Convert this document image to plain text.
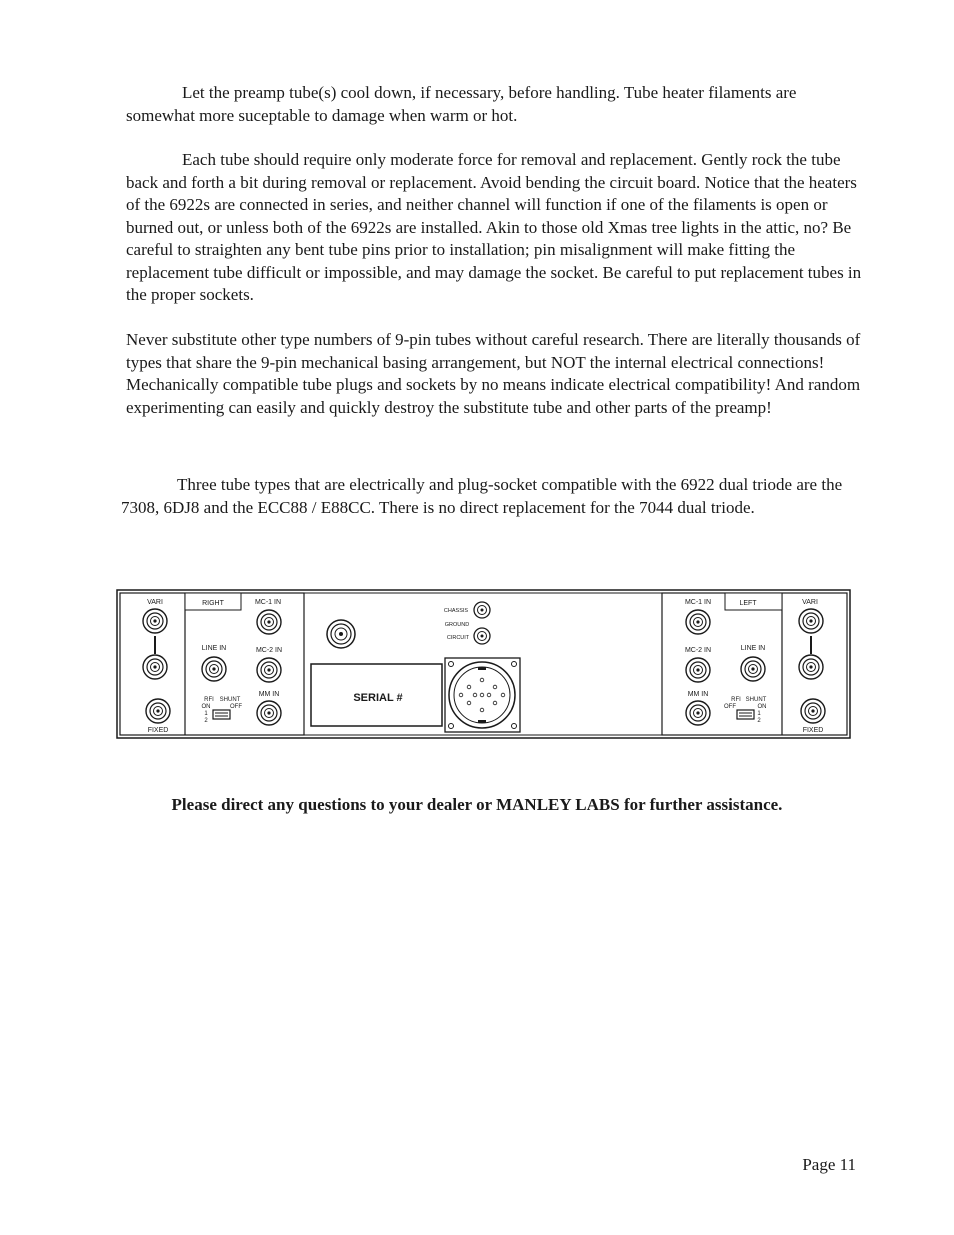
Let the preamp tube(s) cool down, if necessary, before handling. Tube heater filaments are somewhat more suceptable to damage when warm or hot.

Each tube should require only moderate force for removal and replacement. Gently rock the tube back and forth a bit during removal or replacement. Avoid bending the circuit board. Notice that the heaters of the 6922s are connected in series, and neither channel will function if one of the filaments is open or burned out, or unless both of the 6922s are installed. Akin to those old Xmas tree lights in the attic, no? Be careful to straighten any bent tube pins prior to installation; pin misalignment will make fitting the replacement tube difficult or impossible, and may damage the socket. Be careful to put replacement tubes in the proper sockets.

Never substitute other type numbers of 9-pin tubes without careful research. There are literally thousands of types that share the 9-pin mechanical basing arrangement, but NOT the internal electrical connections! Mechanically compatible tube plugs and sockets by no means indicate electrical compatibility! And random experimenting can easily and quickly destroy the substitute tube and other parts of the preamp!

Three tube types that are electrically and plug-socket compatible with the 6922 dual triode are the 7308, 6DJ8 and the ECC88 / E88CC. There is no direct replacement for the 7044 dual triode.

RIGHT
VARI
FIXED
MC-1 IN
LINE IN	MC-2 IN
MM IN
RFI SHUNT
ON	OFF
1
2
CHASSIS
GROUND
CIRCUIT
SERIAL #
LEFT	VARI
FIXED
MC-1 IN
MC-2 IN	LINE IN
MM IN
RFI SHUNT
OFF	ON
1
2

Please direct any questions to your dealer or MANLEY LABS for further assistance.

Page 11
